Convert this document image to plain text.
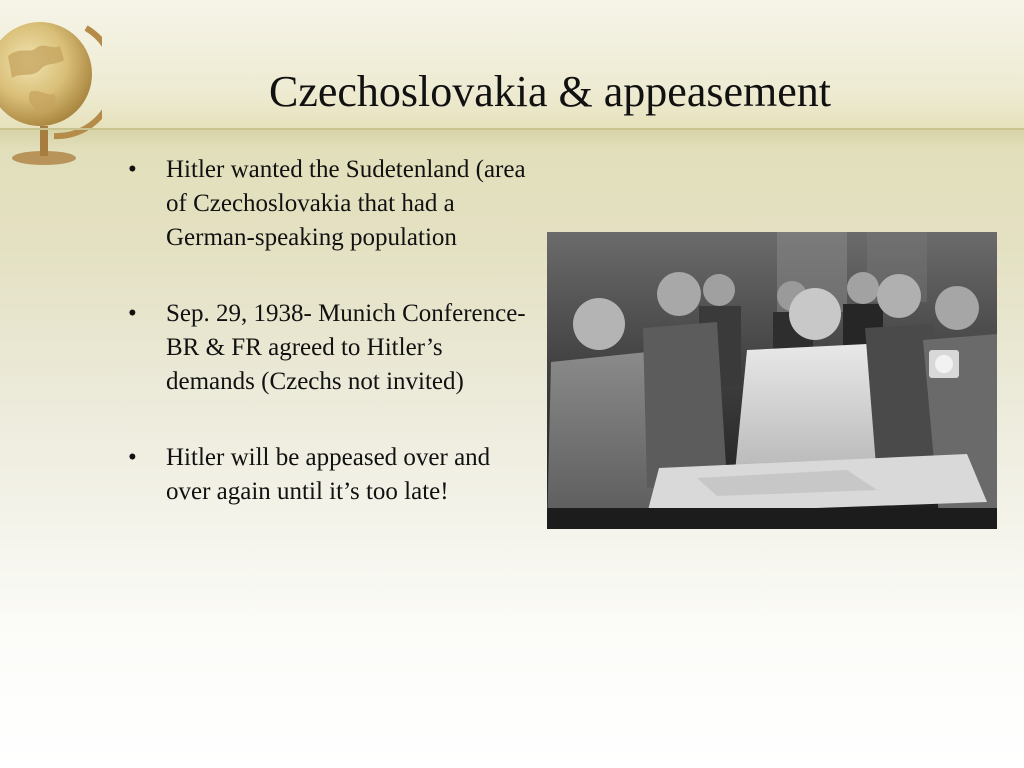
Czechoslovakia & appeasement
•	Hitler wanted the Sudetenland (area of Czechoslovakia that had a German-speaking population
•	Sep. 29, 1938- Munich Conference- BR & FR agreed to Hitler’s demands (Czechs not invited)
•	Hitler will be appeased over and over again until it’s too late!
